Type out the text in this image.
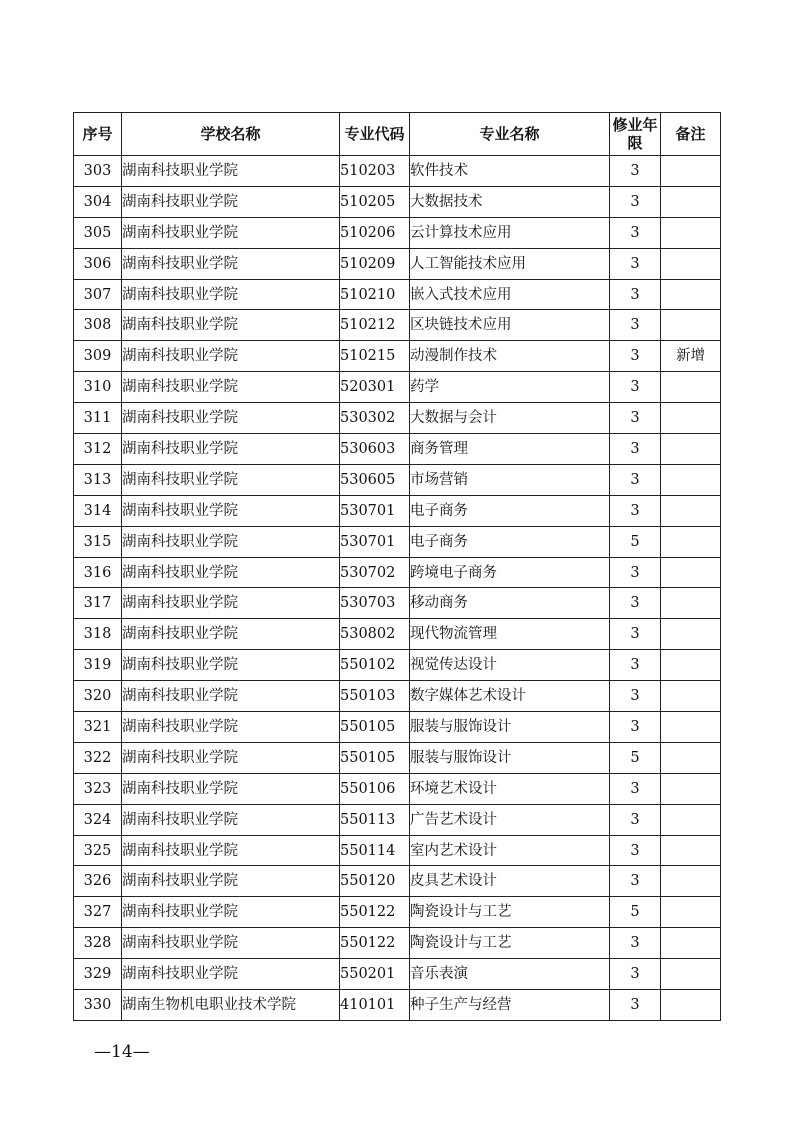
序号	学校名称	专业代码	专业名称	修业年限	备注
303	湖南科技职业学院	510203	软件技术	3	
304	湖南科技职业学院	510205	大数据技术	3	
305	湖南科技职业学院	510206	云计算技术应用	3	
306	湖南科技职业学院	510209	人工智能技术应用	3	
307	湖南科技职业学院	510210	嵌入式技术应用	3	
308	湖南科技职业学院	510212	区块链技术应用	3	
309	湖南科技职业学院	510215	动漫制作技术	3	新增
310	湖南科技职业学院	520301	药学	3	
311	湖南科技职业学院	530302	大数据与会计	3	
312	湖南科技职业学院	530603	商务管理	3	
313	湖南科技职业学院	530605	市场营销	3	
314	湖南科技职业学院	530701	电子商务	3	
315	湖南科技职业学院	530701	电子商务	5	
316	湖南科技职业学院	530702	跨境电子商务	3	
317	湖南科技职业学院	530703	移动商务	3	
318	湖南科技职业学院	530802	现代物流管理	3	
319	湖南科技职业学院	550102	视觉传达设计	3	
320	湖南科技职业学院	550103	数字媒体艺术设计	3	
321	湖南科技职业学院	550105	服装与服饰设计	3	
322	湖南科技职业学院	550105	服装与服饰设计	5	
323	湖南科技职业学院	550106	环境艺术设计	3	
324	湖南科技职业学院	550113	广告艺术设计	3	
325	湖南科技职业学院	550114	室内艺术设计	3	
326	湖南科技职业学院	550120	皮具艺术设计	3	
327	湖南科技职业学院	550122	陶瓷设计与工艺	5	
328	湖南科技职业学院	550122	陶瓷设计与工艺	3	
329	湖南科技职业学院	550201	音乐表演	3	
330	湖南生物机电职业技术学院	410101	种子生产与经营	3	
—14—
